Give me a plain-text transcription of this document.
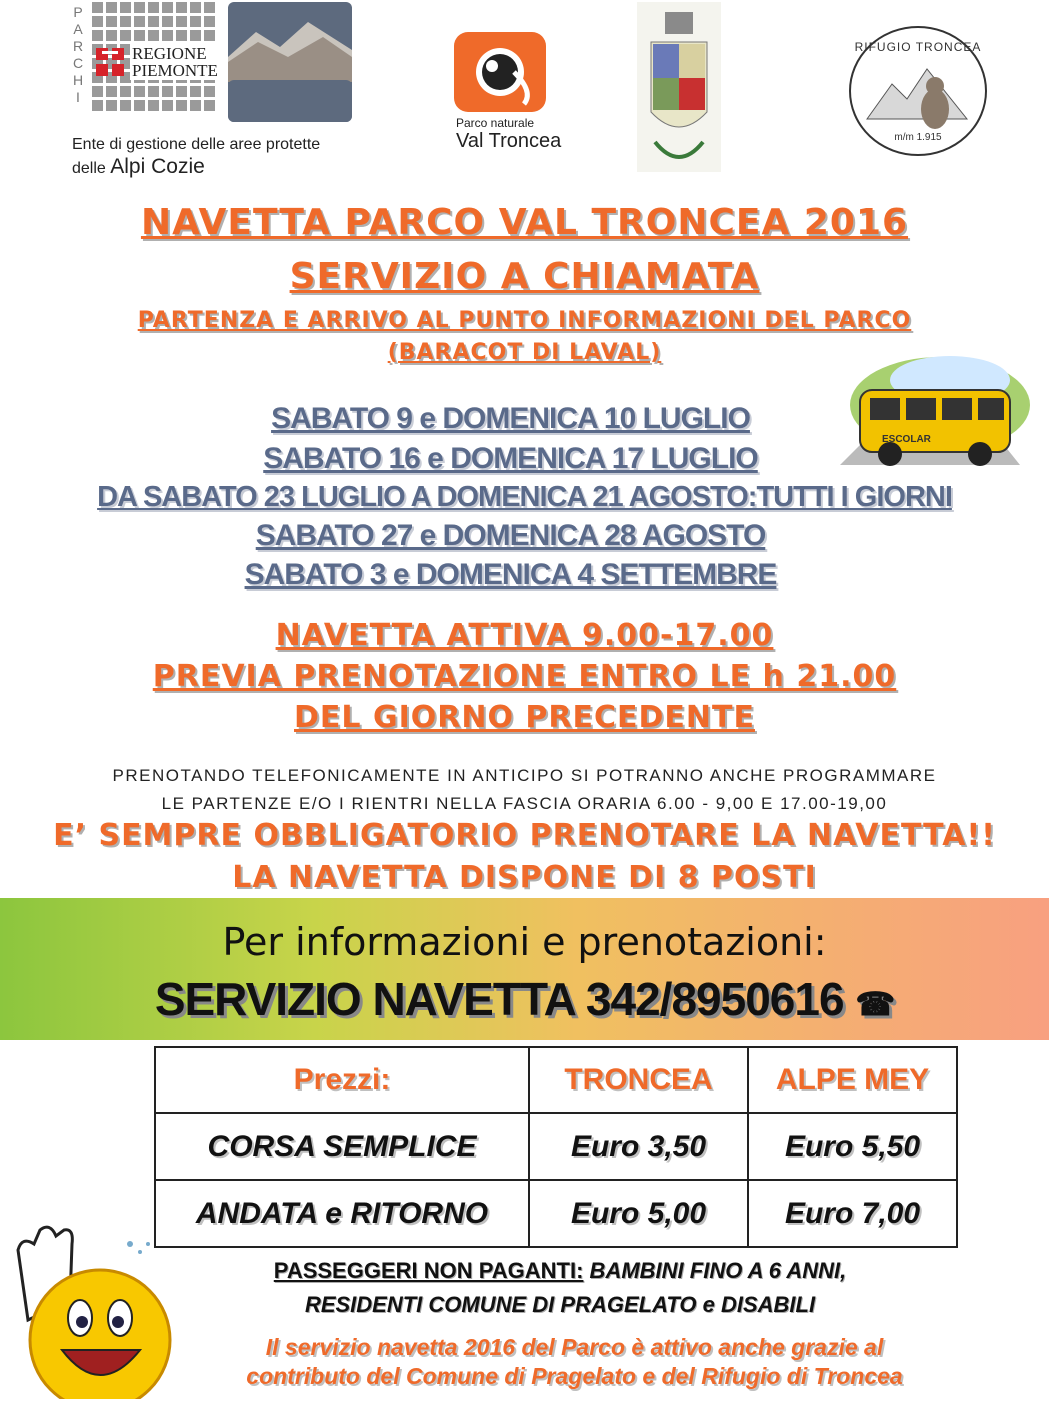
P
A
R
C
H
I
REGIONE
PIEMONTE
Ente di gestione delle aree protette
delle Alpi Cozie
Parco naturale
Val Troncea
RIFUGIO TRONCEA
m/m 1.915
NAVETTA PARCO VAL TRONCEA 2016
SERVIZIO A CHIAMATA
PARTENZA E ARRIVO AL PUNTO INFORMAZIONI DEL PARCO
(BARACOT DI LAVAL)
ESCOLAR
SABATO 9 e DOMENICA 10 LUGLIO
SABATO 16 e DOMENICA 17 LUGLIO
DA SABATO 23 LUGLIO A DOMENICA 21 AGOSTO:TUTTI I GIORNI
SABATO 27 e DOMENICA 28 AGOSTO
SABATO 3 e DOMENICA 4 SETTEMBRE
NAVETTA ATTIVA 9.00-17.00
PREVIA PRENOTAZIONE ENTRO LE h 21.00
DEL GIORNO PRECEDENTE
PRENOTANDO TELEFONICAMENTE IN ANTICIPO SI POTRANNO ANCHE PROGRAMMARE
LE PARTENZE E/O I RIENTRI NELLA FASCIA ORARIA 6.00 - 9,00 E 17.00-19,00
E’ SEMPRE OBBLIGATORIO PRENOTARE LA NAVETTA!!
LA NAVETTA DISPONE DI 8 POSTI
Per informazioni e prenotazioni:
SERVIZIO NAVETTA 342/8950616 ☎
Prezzi:	TRONCEA	ALPE MEY
CORSA SEMPLICE	Euro 3,50	Euro 5,50
ANDATA e RITORNO	Euro 5,00	Euro 7,00
PASSEGGERI NON PAGANTI: BAMBINI FINO A 6 ANNI,
RESIDENTI COMUNE DI PRAGELATO e DISABILI
Il servizio navetta 2016 del Parco è attivo anche grazie al
contributo del Comune di Pragelato e del Rifugio di Troncea
